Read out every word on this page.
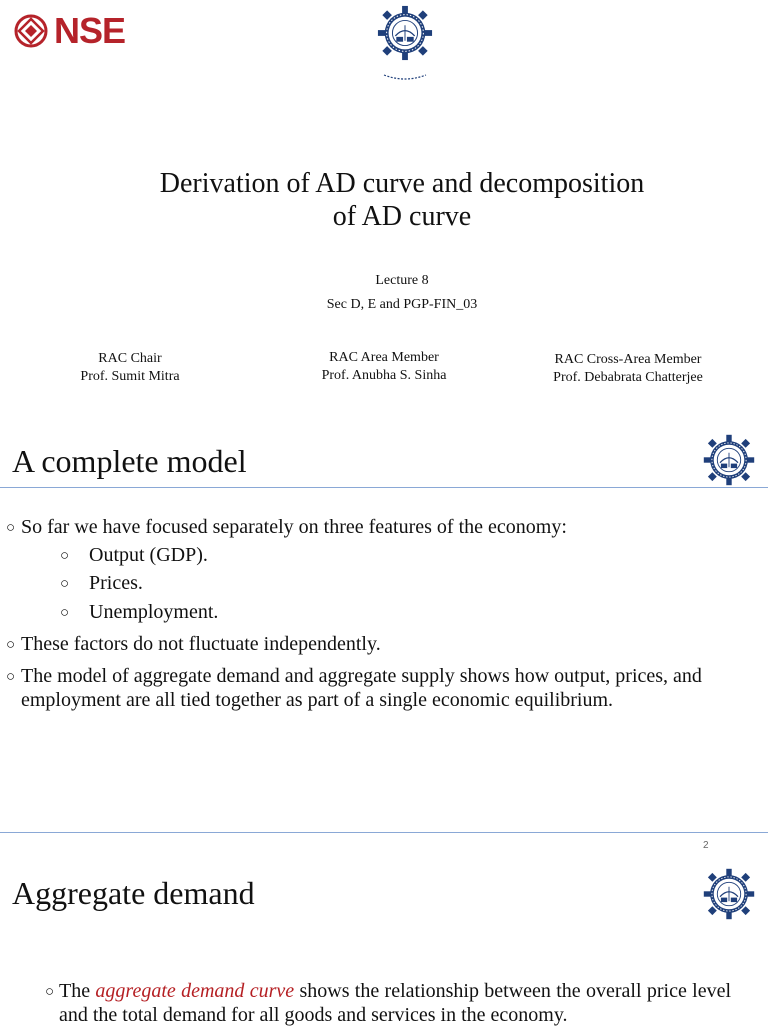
NSE

Derivation of AD curve and decomposition
of AD curve
Lecture 8
Sec D, E and PGP-FIN_03
RAC Chair
Prof. Sumit Mitra
RAC Area Member
Prof. Anubha S. Sinha
RAC Cross-Area Member
Prof. Debabrata Chatterjee
A complete model
○ So far we have focused separately on three features of the economy:
○ Output (GDP).
○ Prices.
○ Unemployment.
○ These factors do not fluctuate independently.
○ The model of aggregate demand and aggregate supply shows how output, prices, and employment are all tied together as part of a single economic equilibrium.
2
Aggregate demand
○ The aggregate demand curve shows the relationship between the overall price level and the total demand for all goods and services in the economy.
